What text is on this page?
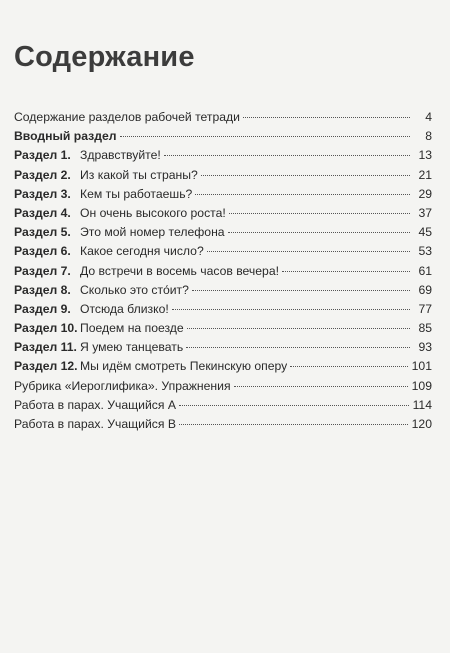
Содержание
Содержание разделов рабочей тетради	4
Вводный раздел	8
Раздел 1. Здравствуйте!	13
Раздел 2. Из какой ты страны?	21
Раздел 3. Кем ты работаешь?	29
Раздел 4. Он очень высокого роста!	37
Раздел 5. Это мой номер телефона	45
Раздел 6. Какое сегодня число?	53
Раздел 7. До встречи в восемь часов вечера!	61
Раздел 8. Сколько это сто́ит?	69
Раздел 9. Отсюда близко!	77
Раздел 10. Поедем на поезде	85
Раздел 11. Я умею танцевать	93
Раздел 12. Мы идём смотреть Пекинскую оперу	101
Рубрика «Иероглифика». Упражнения	109
Работа в парах. Учащийся А	114
Работа в парах. Учащийся В	120
